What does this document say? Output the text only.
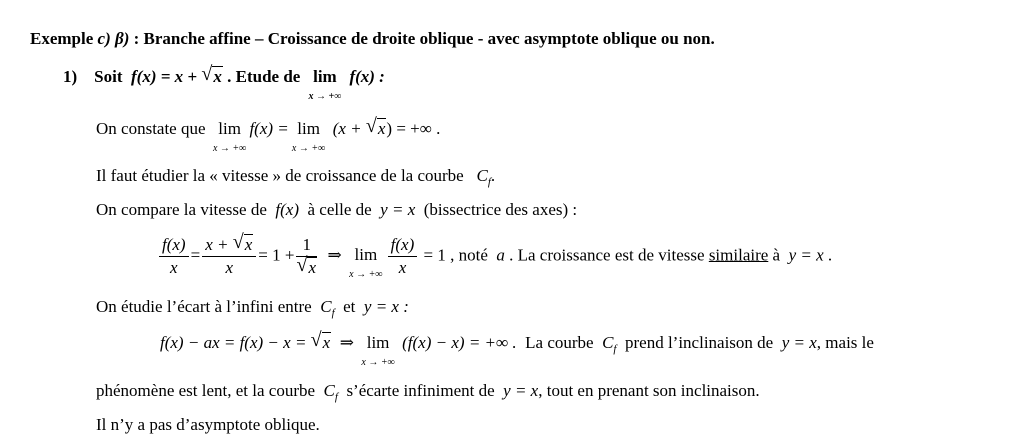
Exemple c) β) : Branche affine – Croissance de droite oblique - avec asymptote oblique ou non.
1) Soit f(x) = x + √ x . Etude de lim
x → +∞
f(x) :
On constate que lim
x → +∞
f(x) = lim
x → +∞
(x + √ x) = +∞ .
Il faut étudier la « vitesse » de croissance de la courbe $C_f$.
On compare la vitesse de f(x) à celle de y = x (bissectrice des axes) :
$\frac{f(x)}{x} = \frac{x + √ x}{x} = 1 + \frac{1}{√ x}$ ⇒ lim
x → +∞
$\frac{f(x)}{x} = 1$ , noté a . La croissance est de vitesse similaire à y = x .
On étudie l’écart à l’infini entre $C_f$ et y = x :
f(x) − ax = f(x) − x = √ x ⇒ lim
x → +∞
(f(x) − x) = +∞ . La courbe $C_f$ prend l’inclinaison de y = x, mais le
phénomène est lent, et la courbe $C_f$ s’écarte infiniment de y = x, tout en prenant son inclinaison.
Il n’y a pas d’asymptote oblique.
